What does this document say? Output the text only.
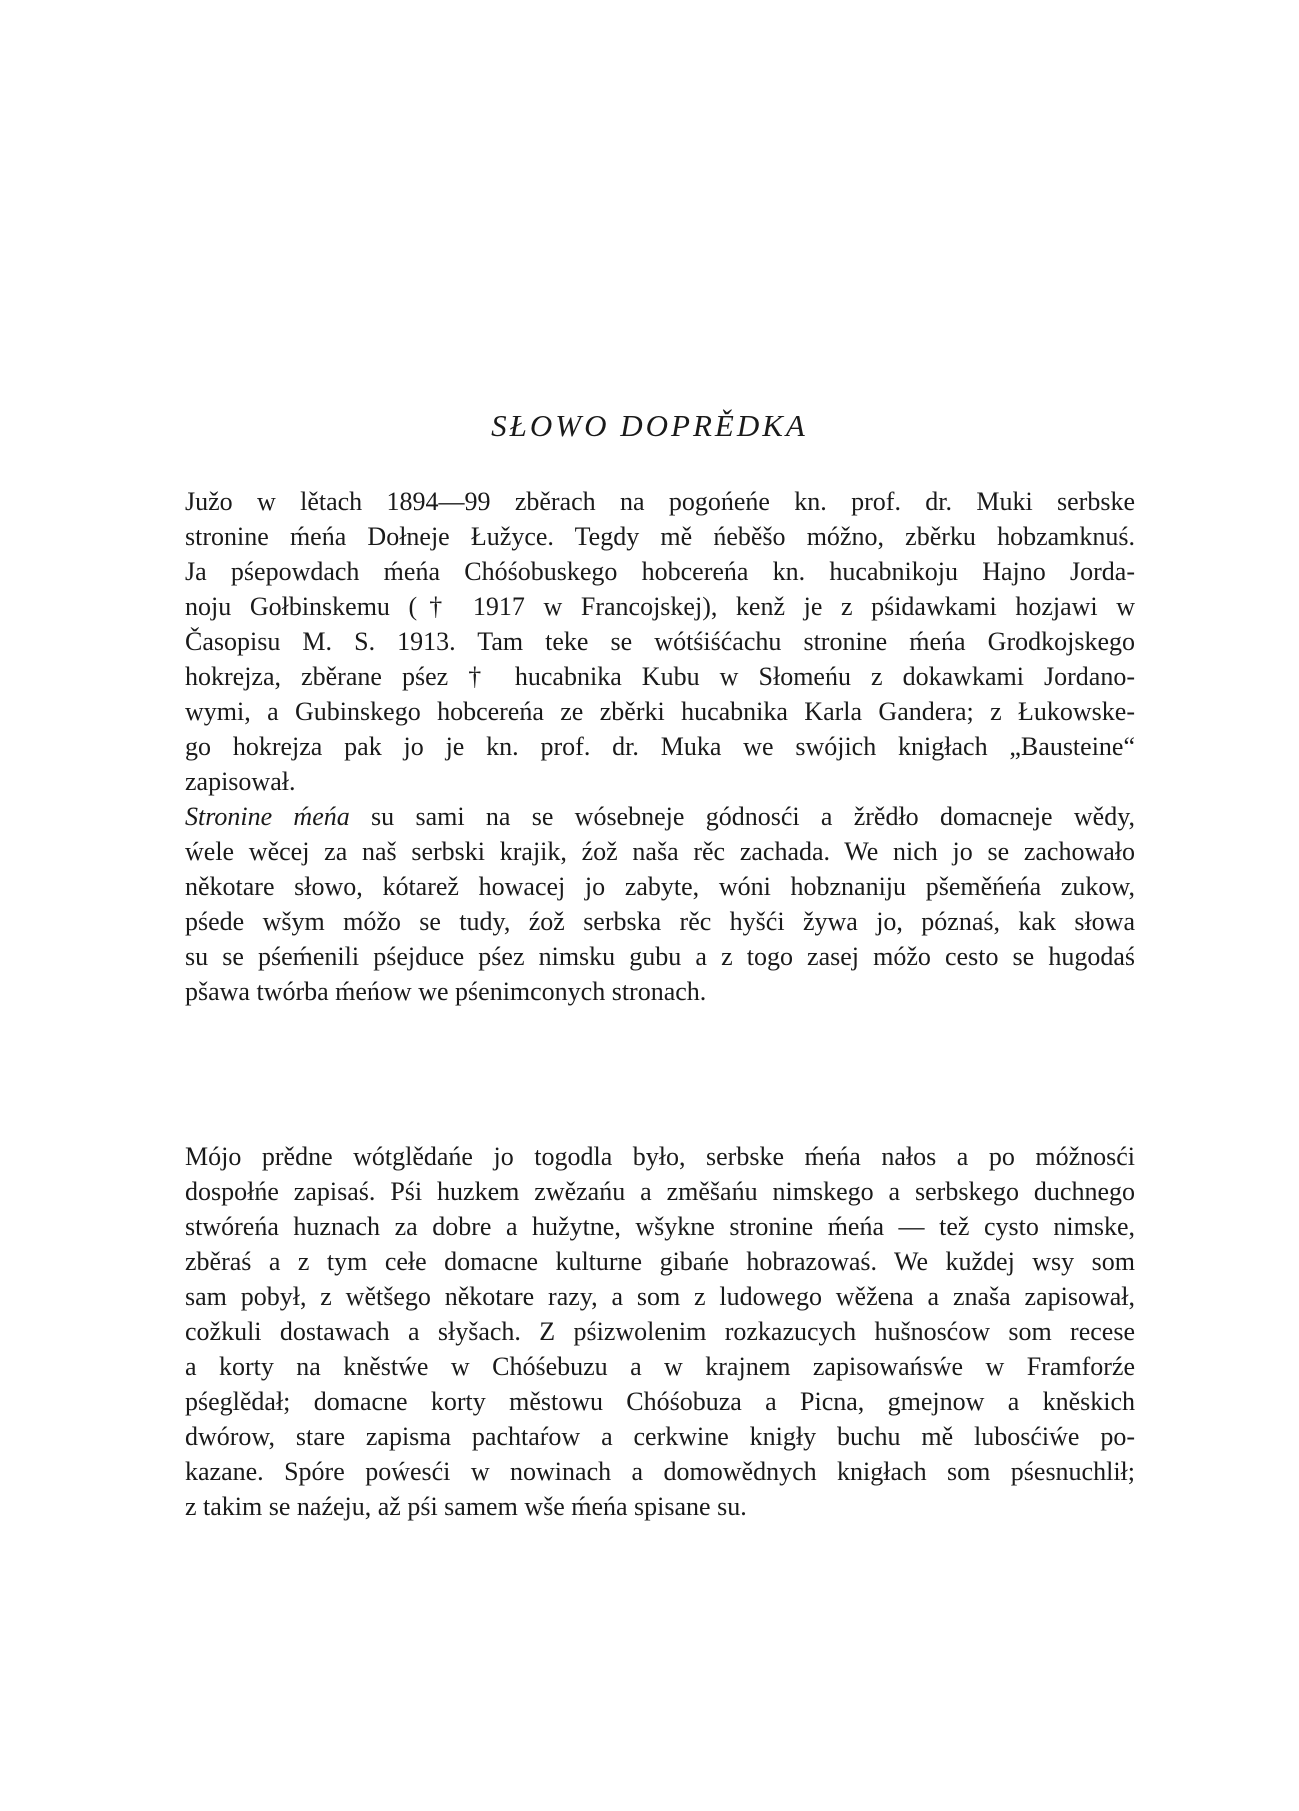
SŁOWO DOPRĚDKA

Južo w lětach 1894—99 zběrach na pogońeńe kn. prof. dr. Muki serbske

stronine ḿeńa Dołneje Łužyce. Tegdy mě ńeběšo móžno, zběrku hobzamknuś.

Ja pśepowdach ḿeńa Chóśobuskego hobcereńa kn. hucabnikoju Hajno Jorda-

noju Gołbinskemu († 1917 w Francojskej), kenž je z pśidawkami hozjawi w

Časopisu M. S. 1913. Tam teke se wótśiśćachu stronine ḿeńa Grodkojskego

hokrejza, zběrane pśez † hucabnika Kubu w Słomeńu z dokawkami Jordano-

wymi, a Gubinskego hobcereńa ze zběrki hucabnika Karla Gandera; z Łukowske-

go hokrejza pak jo je kn. prof. dr. Muka we swójich knigłach „Bausteine“

zapisował.

Stronine ḿeńa su sami na se wósebneje gódnosći a žrědło domacneje wědy,

ẃele wěcej za naš serbski krajik, źož naša rěc zachada. We nich jo se zachowało

někotare słowo, kótarež howacej jo zabyte, wóni hobznaniju pšeměńeńa zukow,

pśede wšym móžo se tudy, źož serbska rěc hyšći žywa jo, póznaś, kak słowa

su se pśeḿenili pśejduce pśez nimsku gubu a z togo zasej móžo cesto se hugodaś

pšawa twórba ḿeńow we pśenimconych stronach.

Mójo prědne wótglědańe jo togodla było, serbske ḿeńa nałos a po móžnosći

dospołńe zapisaś. Pśi huzkem zwězańu a změšańu nimskego a serbskego duchnego

stwóreńa huznach za dobre a hužytne, wšykne stronine ḿeńa — tež cysto nimske,

zběraś a z tym cełe domacne kulturne gibańe hobrazowaś. We kuždej wsy som

sam pobył, z wětšego někotare razy, a som z ludowego wěženа a znaša zapisował,

cožkuli dostawach a słyšach. Z pśizwolenim rozkazucych hušnosćow som recese

a korty na kněstẃe w Chóśebuzu a w krajnem zapisowańsẃe w Framforźe

pśeglědał; domacne korty městowu Chóśobuza a Picna, gmejnow a kněskich

dwórow, stare zapisma pachtaŕow a cerkwine knigły buchu mě lubosćiẃe po-

kazane. Spóre poẃesći w nowinach a domowědnych knigłach som pśesnuchlił;

z takim se naźeju, až pśi samem wše ḿeńa spisane su.
